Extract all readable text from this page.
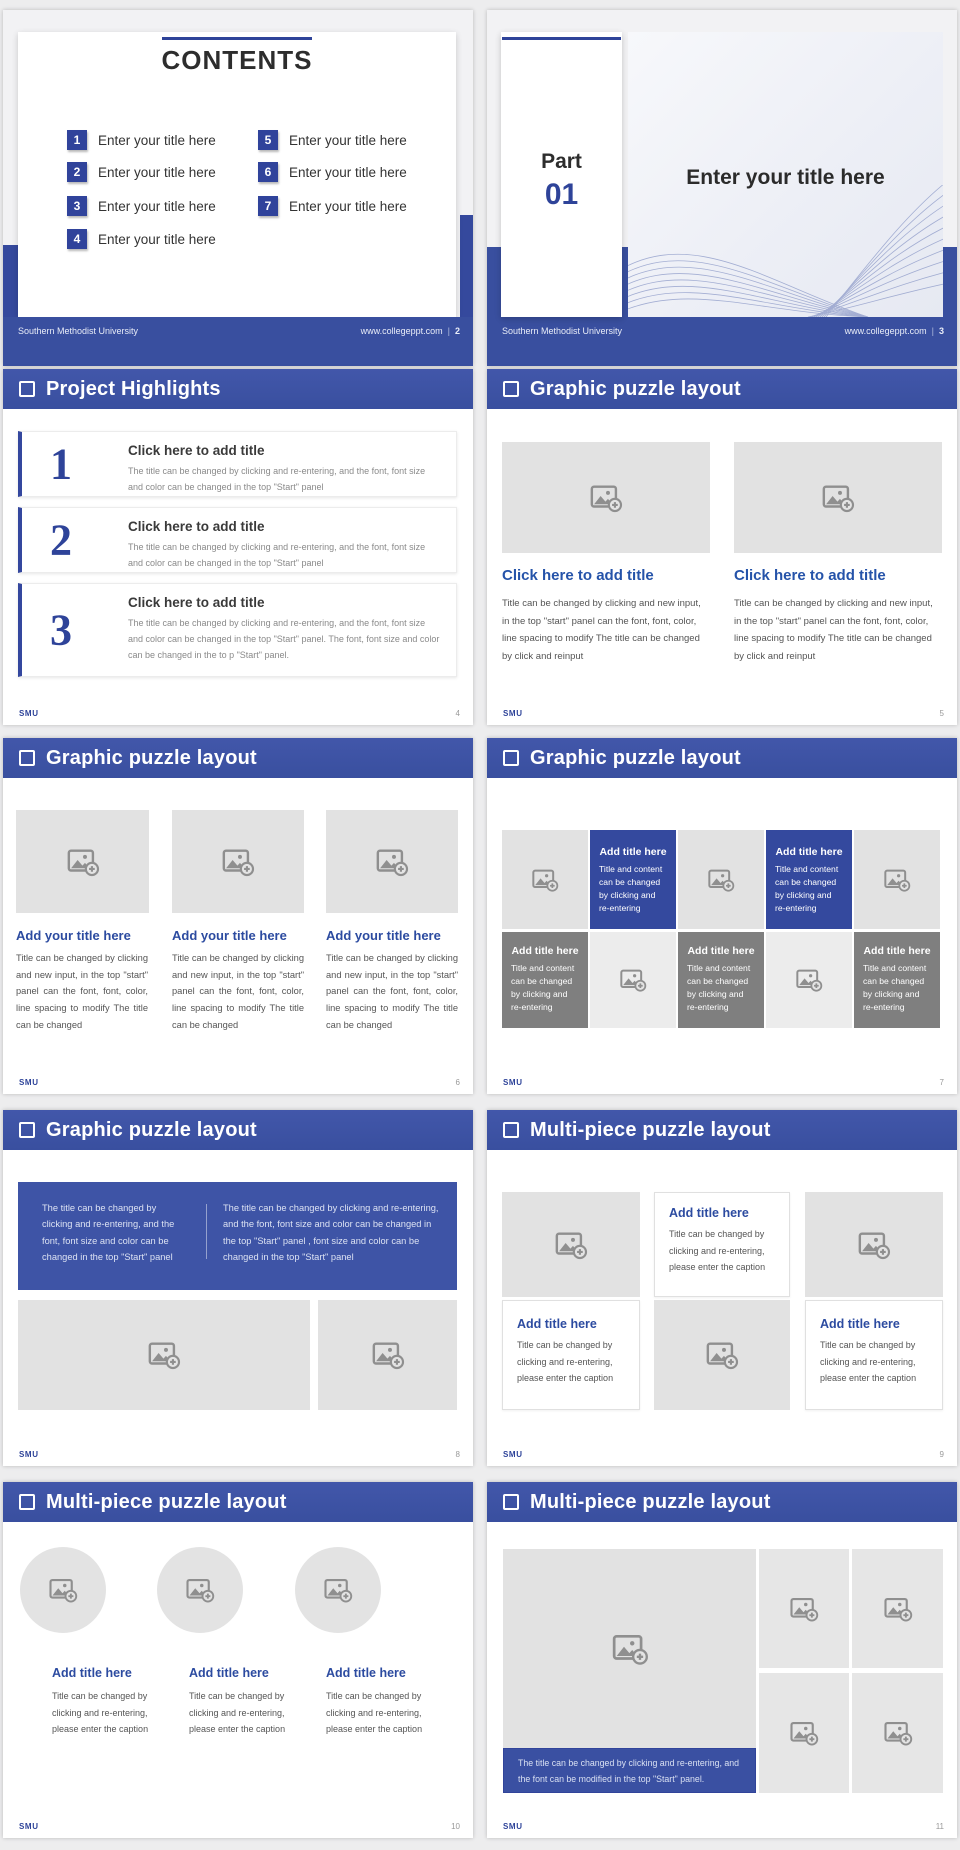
CONTENTS
1	Enter your title here
2	Enter your title here
3	Enter your title here
4	Enter your title here
5	Enter your title here
6	Enter your title here
7	Enter your title here
Southern Methodist University	www.collegeppt.com | 2
Enter your title here
Part
01
Southern Methodist University	www.collegeppt.com | 3
Project Highlights
1	Click here to add title
The title can be changed by clicking and re-entering, and the font, font size and color can be changed in the top "Start" panel
2	Click here to add title
The title can be changed by clicking and re-entering, and the font, font size and color can be changed in the top "Start" panel
3
Click here to add title
The title can be changed by clicking and re-entering, and the font, font size and color can be changed in the top "Start" panel. The font, font size and color can be changed in the to p "Start" panel.
SMU	4
Graphic puzzle layout
Click here to add title
Title can be changed by clicking and new input, in the top "start" panel can the font, font, color, line spacing to modify The title can be changed by click and reinput
Click here to add title
Title can be changed by clicking and new input, in the top "start" panel can the font, font, color, line spacing to modify The title can be changed by click and reinput
SMU	5
Graphic puzzle layout
Add your title here
Title can be changed by clicking and new input, in the top "start" panel can the font, font, color, line spacing to modify The title can be changed
Add your title here
Title can be changed by clicking and new input, in the top "start" panel can the font, font, color, line spacing to modify The title can be changed
Add your title here
Title can be changed by clicking and new input, in the top "start" panel can the font, font, color, line spacing to modify The title can be changed
SMU	6
Graphic puzzle layout
Add title here
Title and content can be changed by clicking and re-entering
Add title here
Title and content can be changed by clicking and re-entering
Add title here
Title and content can be changed by clicking and re-entering
Add title here
Title and content can be changed by clicking and re-entering
Add title here
Title and content can be changed by clicking and re-entering
SMU	7
Graphic puzzle layout
The title can be changed by clicking and re-entering, and the font, font size and color can be changed in the top "Start" panel
The title can be changed by clicking and re-entering, and the font, font size and color can be changed in the top "Start" panel , font size and color can be changed in the top "Start" panel
SMU	8
Multi-piece puzzle layout
Add title here
Title can be changed by clicking and re-entering, please enter the caption
Add title here
Title can be changed by clicking and re-entering, please enter the caption
Add title here
Title can be changed by clicking and re-entering, please enter the caption
SMU	9
Multi-piece puzzle layout
Add title here
Title can be changed by clicking and re-entering, please enter the caption
Add title here
Title can be changed by clicking and re-entering, please enter the caption
Add title here
Title can be changed by clicking and re-entering, please enter the caption
SMU	10
Multi-piece puzzle layout
The title can be changed by clicking and re-entering, and the font can be modified in the top "Start" panel.
SMU	11
